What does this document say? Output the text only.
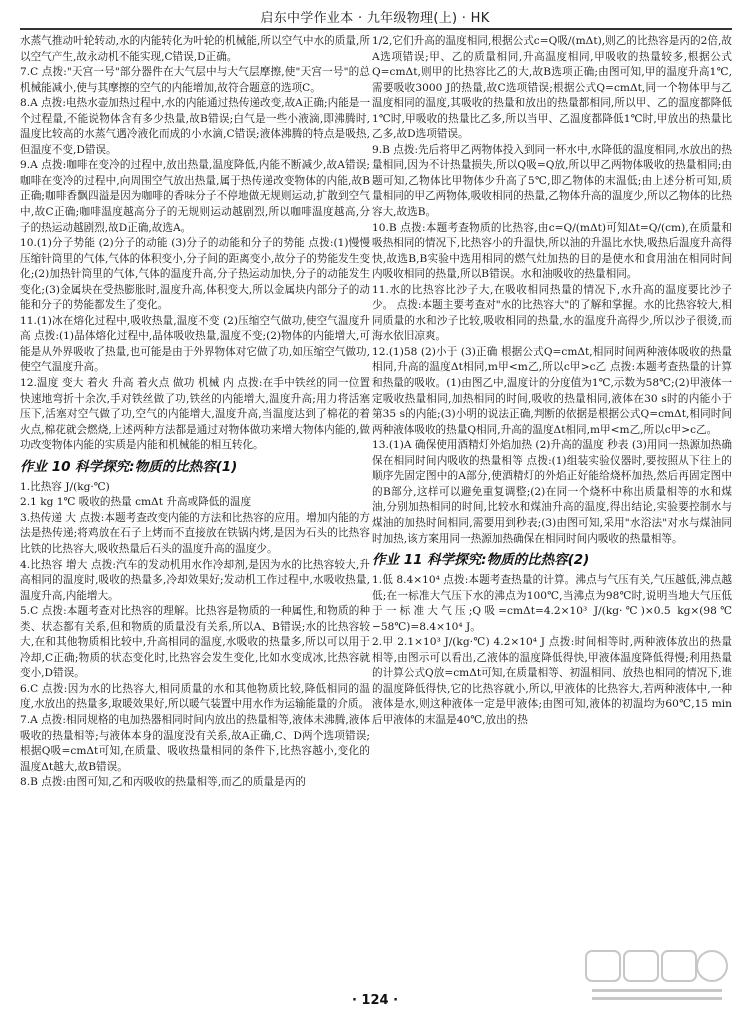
启东中学作业本 · 九年级物理(上) · HK

水蒸气推动叶轮转动,水的内能转化为叶轮的机械能,所以空气中水的质量,所以空气产生,故永动机不能实现,C错误,D正确。

7.C 点拨:"天宫一号"部分器件在大气层中与大气层摩擦,使"天宫一号"的总机械能减小,使与其摩擦的空气的内能增加,故符合题意的选项C。

8.A 点拨:电热水壶加热过程中,水的内能通过热传递改变,故A正确;内能是一个过程量,不能说物体含有多少热量,故B错误;白气是一些小液滴,即沸腾时,温度比较高的水蒸气遇冷液化而成的小水滴,C错误;液体沸腾的特点是吸热,但温度不变,D错误。

9.A 点拨:咖啡在变冷的过程中,放出热量,温度降低,内能不断减少,故A错误;咖啡在变冷的过程中,向周围空气放出热量,属于热传递改变物体的内能,故B正确;咖啡香飘四溢是因为咖啡的香味分子不停地做无规则运动,扩散到空气中,故C正确;咖啡温度越高分子的无规则运动越剧烈,所以咖啡温度越高,分子的热运动越剧烈,故D正确,故选A。

10.(1)分子势能 (2)分子的动能 (3)分子的动能和分子的势能 点拨:(1)慢慢压缩针筒里的气体,气体的体积变小,分子间的距离变小,故分子的势能发生变化;(2)加热针筒里的气体,气体的温度升高,分子热运动加快,分子的动能发生变化;(3)金属块在受热膨胀时,温度升高,体积变大,所以金属块内部分子的动能和分子的势能都发生了变化。

11.(1)冰在熔化过程中,吸收热量,温度不变 (2)压缩空气做功,使空气温度升高 点拨:(1)晶体熔化过程中,晶体吸收热量,温度不变;(2)物体的内能增大,可能是从外界吸收了热量,也可能是由于外界物体对它做了功,如压缩空气做功,使空气温度升高。

12.温度 变大 着火 升高 着火点 做功 机械 内 点拨:在手中铁丝的同一位置快速地弯折十余次,手对铁丝做了功,铁丝的内能增大,温度升高;用力将活塞压下,活塞对空气做了功,空气的内能增大,温度升高,当温度达到了棉花的着火点,棉花就会燃烧,上述两种方法都是通过对物体做功来增大物体内能的,做功改变物体内能的实质是内能和机械能的相互转化。

作业 10 科学探究:物质的比热容(1)

1.比热容 J/(kg·℃)

2.1 kg 1℃ 吸收的热量 cmΔt 升高或降低的温度

3.热传递 大 点拨:本题考查改变内能的方法和比热容的应用。增加内能的方法是热传递;将鸡放在石子上烤而不直接放在铁锅内烤,是因为石头的比热容比铁的比热容大,吸收热量后石头的温度升高的温度少。

4.比热容 增大 点拨:汽车的发动机用水作冷却剂,是因为水的比热容较大,升高相同的温度时,吸收的热量多,冷却效果好;发动机工作过程中,水吸收热量,温度升高,内能增大。

5.C 点拨:本题考查对比热容的理解。比热容是物质的一种属性,和物质的种类、状态都有关系,但和物质的质量没有关系,所以A、B错误;水的比热容较大,在和其他物质相比较中,升高相同的温度,水吸收的热量多,所以可以用于冷却,C正确;物质的状态变化时,比热容会发生变化,比如水变成冰,比热容就变小,D错误。

6.C 点拨:因为水的比热容大,相同质量的水和其他物质比较,降低相同的温度,水放出的热量多,取暖效果好,所以暖气装置中用水作为运输能量的介质。

7.A 点拨:相同规格的电加热器相同时间内放出的热量相等,液体未沸腾,液体吸收的热量相等;与液体本身的温度没有关系,故A正确,C、D两个选项错误;根据Q吸=cmΔt可知,在质量、吸收热量相同的条件下,比热容越小,变化的温度Δt越大,故B错误。

8.B 点拨:由图可知,乙和丙吸收的热量相等,而乙的质量是丙的

1/2,它们升高的温度相同,根据公式c=Q吸/(mΔt),则乙的比热容是丙的2倍,故A选项错误;甲、乙的质量相同,升高温度相同,甲吸收的热量较多,根据公式Q=cmΔt,则甲的比热容比乙的大,故B选项正确;由图可知,甲的温度升高1℃,需要吸收3000 J的热量,故C选项错误;根据公式Q=cmΔt,同一个物体甲与乙温度相同的温度,其吸收的热量和放出的热量都相同,所以甲、乙的温度都降低1℃时,甲吸收的热量比乙多,所以当甲、乙温度都降低1℃时,甲放出的热量比乙多,故D选项错误。

9.B 点拨:先后将甲乙两物体投入到同一杯水中,水降低的温度相同,水放出的热量相同,因为不计热量损失,所以Q吸=Q放,所以甲乙两物体吸收的热量相同;由题可知,乙物体比甲物体少升高了5℃,即乙物体的末温低;由上述分析可知,质量相同的甲乙两物体,吸收相同的热量,乙物体升高的温度少,所以乙物体的比热容大,故选B。

10.B 点拨:本题考查物质的比热容,由c=Q/(mΔt)可知Δt=Q/(cm),在质量和吸热相同的情况下,比热容小的升温快,所以油的升温比水快,吸热后温度升高得快,故选B,B实验中选用相同的燃气灶加热的目的是使水和食用油在相同时间内吸收相同的热量,所以B错误。水和油吸收的热量相同。

11.水的比热容比沙子大,在吸收相同热量的情况下,水升高的温度要比沙子少。 点拨:本题主要考查对"水的比热容大"的了解和掌握。水的比热容较大,相同质量的水和沙子比较,吸收相同的热量,水的温度升高得少,所以沙子很烫,而海水依旧凉爽。

12.(1)58 (2)小于 (3)正确 根据公式Q=cmΔt,相同时间两种液体吸收的热量相同,升高的温度Δt相同,m甲<m乙,所以c甲>c乙 点拨:本题考查热量的计算和热量的吸收。(1)由图乙中,温度计的分度值为1℃,示数为58℃;(2)甲液体一定吸收热量相同,加热相同的时间,吸收的热量相同,液体在30 s时的内能小于第35 s的内能;(3)小明的说法正确,判断的依据是根据公式Q=cmΔt,相同时间两种液体吸收的热量Q相同,升高的温度Δt相同,m甲<m乙,所以c甲>c乙。

13.(1)A 确保使用酒精灯外焰加热 (2)升高的温度 秒表 (3)用同一热源加热确保在相同时间内吸收的热量相等 点拨:(1)组装实验仪器时,要按照从下往上的顺序先固定图中的A部分,使酒精灯的外焰正好能给烧杯加热,然后再固定图中的B部分,这样可以避免重复调整;(2)在同一个烧杯中称出质量相等的水和煤油,分别加热相同的时间,比较水和煤油升高的温度,得出结论,实验要控制水与煤油的加热时间相同,需要用到秒表;(3)由图可知,采用"水浴法"对水与煤油同时加热,该方案用同一热源加热确保在相同时间内吸收的热量相等。

作业 11 科学探究:物质的比热容(2)

1.低 8.4×10⁴ 点拨:本题考查热量的计算。沸点与气压有关,气压越低,沸点越低;在一标准大气压下水的沸点为100℃,当沸点为98℃时,说明当地大气压低于一标准大气压;Q吸=cmΔt=4.2×10³ J/(kg·℃)×0.5 kg×(98℃−58℃)=8.4×10⁴ J。

2.甲 2.1×10³ J/(kg·℃) 4.2×10⁴ J 点拨:时间相等时,两种液体放出的热量相等,由图示可以看出,乙液体的温度降低得快,甲液体温度降低得慢;利用热量的计算公式Q放=cmΔt可知,在质量相等、初温相同、放热也相同的情况下,谁的温度降低得快,它的比热容就小,所以,甲液体的比热容大,若两种液体中,一种液体是水,则这种液体一定是甲液体;由图可知,液体的初温均为60℃,15 min后甲液体的末温是40℃,放出的热

· 124 ·
